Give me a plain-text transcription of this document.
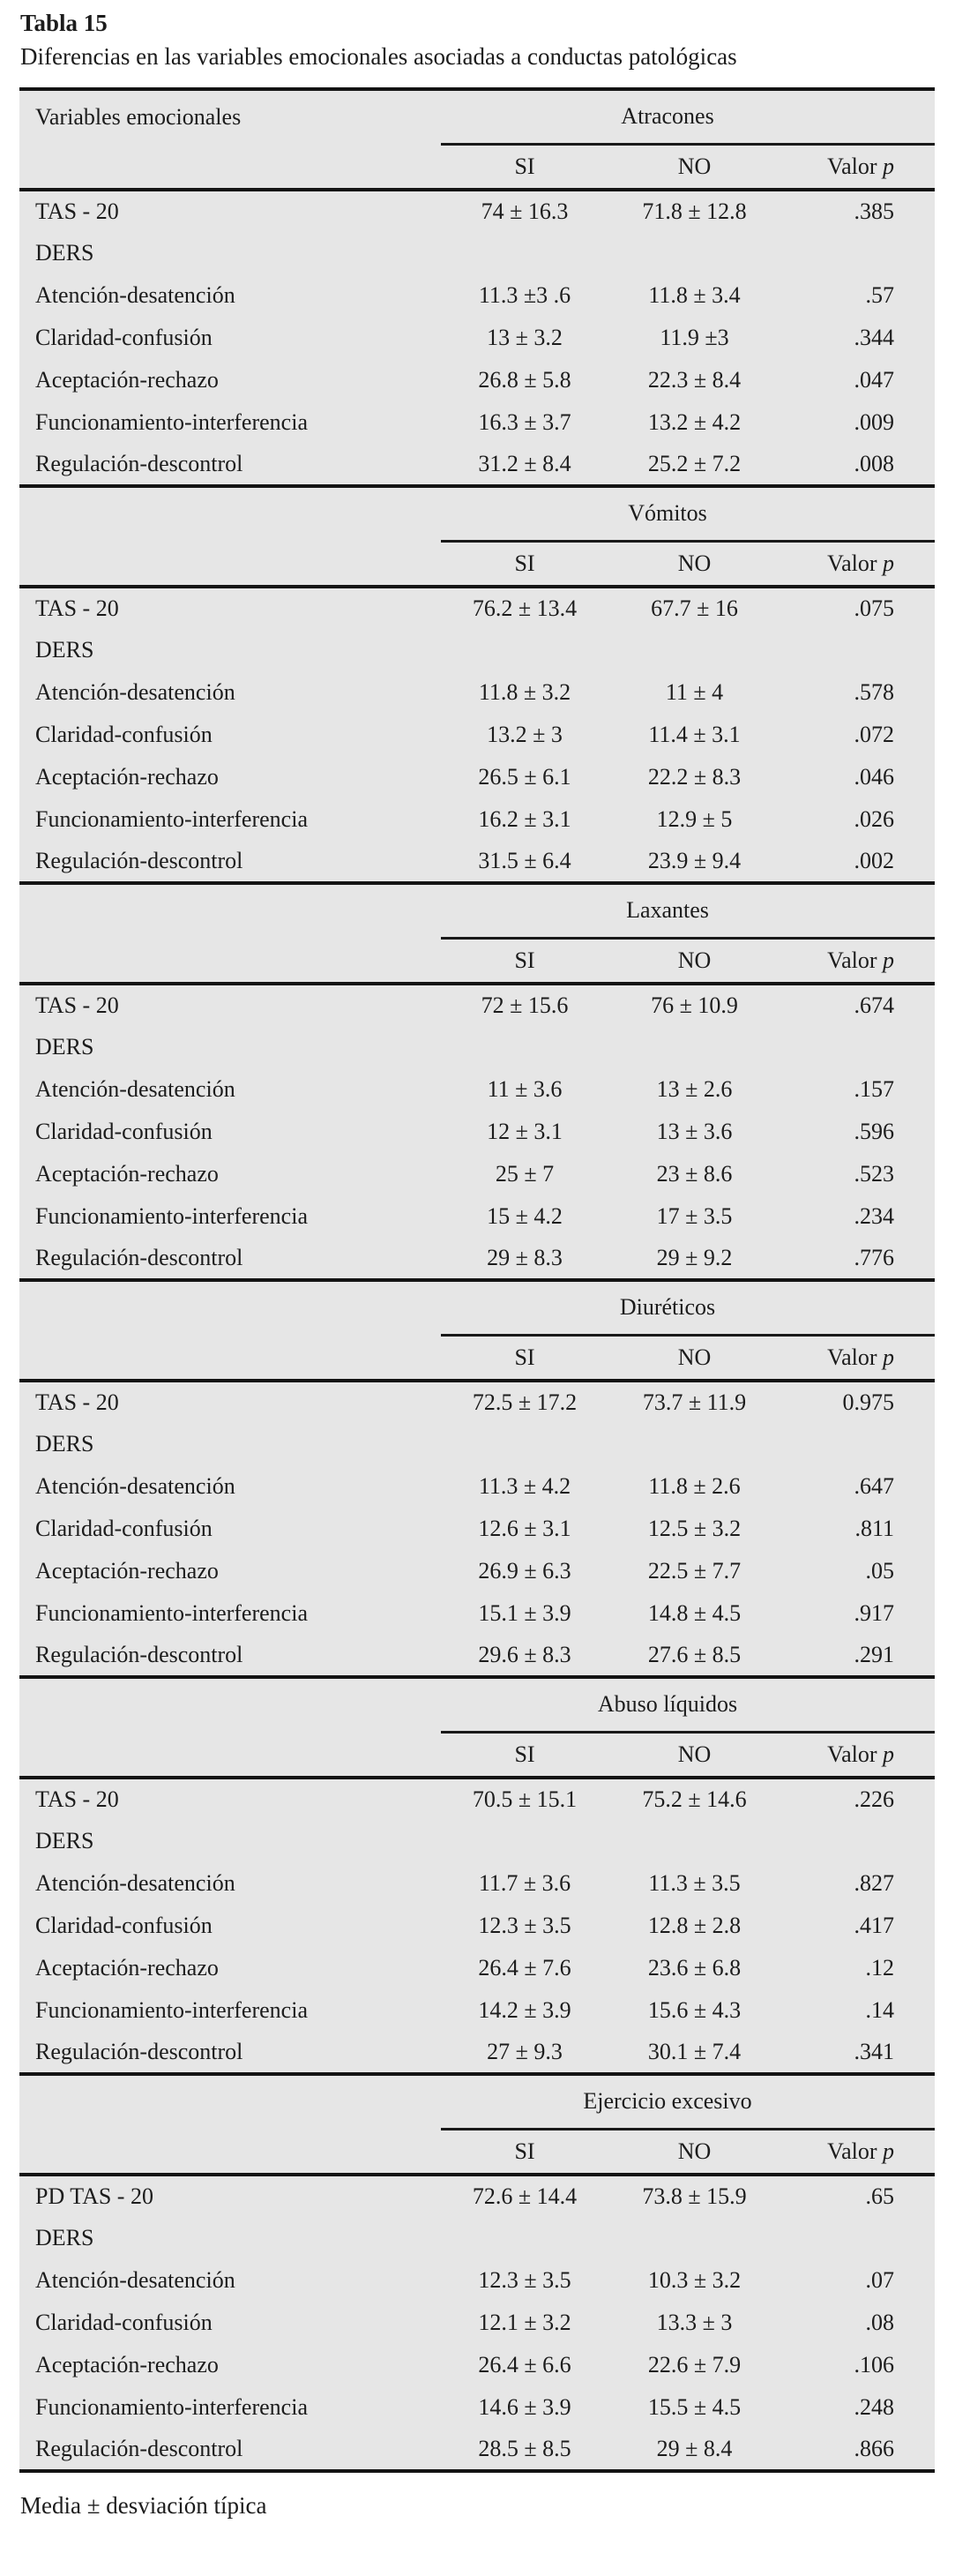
Tabla 15
Diferencias en las variables emocionales asociadas a conductas patológicas
Variables emocionales	Atracones		
	SI	NO	Valor p
TAS - 20	74 ± 16.3	71.8 ± 12.8	.385
DERS			
Atención-desatención	11.3 ±3 .6	11.8 ± 3.4	.57
Claridad-confusión	13 ± 3.2	11.9 ±3	.344
Aceptación-rechazo	26.8 ± 5.8	22.3 ± 8.4	.047
Funcionamiento-interferencia	16.3 ± 3.7	13.2 ± 4.2	.009
Regulación-descontrol	31.2 ± 8.4	25.2 ± 7.2	.008
	Vómitos		
	SI	NO	Valor p
TAS - 20	76.2 ± 13.4	67.7 ± 16	.075
DERS			
Atención-desatención	11.8 ± 3.2	11 ± 4	.578
Claridad-confusión	13.2 ± 3	11.4 ± 3.1	.072
Aceptación-rechazo	26.5 ± 6.1	22.2 ± 8.3	.046
Funcionamiento-interferencia	16.2 ± 3.1	12.9 ± 5	.026
Regulación-descontrol	31.5 ± 6.4	23.9 ± 9.4	.002
	Laxantes		
	SI	NO	Valor p
TAS - 20	72 ± 15.6	76 ± 10.9	.674
DERS			
Atención-desatención	11 ± 3.6	13 ± 2.6	.157
Claridad-confusión	12 ± 3.1	13 ± 3.6	.596
Aceptación-rechazo	25 ± 7	23 ± 8.6	.523
Funcionamiento-interferencia	15 ± 4.2	17 ± 3.5	.234
Regulación-descontrol	29 ± 8.3	29 ± 9.2	.776
	Diuréticos		
	SI	NO	Valor p
TAS - 20	72.5 ± 17.2	73.7 ± 11.9	0.975
DERS			
Atención-desatención	11.3 ± 4.2	11.8 ± 2.6	.647
Claridad-confusión	12.6 ± 3.1	12.5 ± 3.2	.811
Aceptación-rechazo	26.9 ± 6.3	22.5 ± 7.7	.05
Funcionamiento-interferencia	15.1 ± 3.9	14.8 ± 4.5	.917
Regulación-descontrol	29.6 ± 8.3	27.6 ± 8.5	.291
	Abuso líquidos		
	SI	NO	Valor p
TAS - 20	70.5 ± 15.1	75.2 ± 14.6	.226
DERS			
Atención-desatención	11.7 ± 3.6	11.3 ± 3.5	.827
Claridad-confusión	12.3 ± 3.5	12.8 ± 2.8	.417
Aceptación-rechazo	26.4 ± 7.6	23.6 ± 6.8	.12
Funcionamiento-interferencia	14.2 ± 3.9	15.6 ± 4.3	.14
Regulación-descontrol	27 ± 9.3	30.1 ± 7.4	.341
	Ejercicio excesivo		
	SI	NO	Valor p
PD TAS - 20	72.6 ± 14.4	73.8 ± 15.9	.65
DERS			
Atención-desatención	12.3 ± 3.5	10.3 ± 3.2	.07
Claridad-confusión	12.1 ± 3.2	13.3 ± 3	.08
Aceptación-rechazo	26.4 ± 6.6	22.6 ± 7.9	.106
Funcionamiento-interferencia	14.6 ± 3.9	15.5 ± 4.5	.248
Regulación-descontrol	28.5 ± 8.5	29 ± 8.4	.866
Media ± desviación típica
